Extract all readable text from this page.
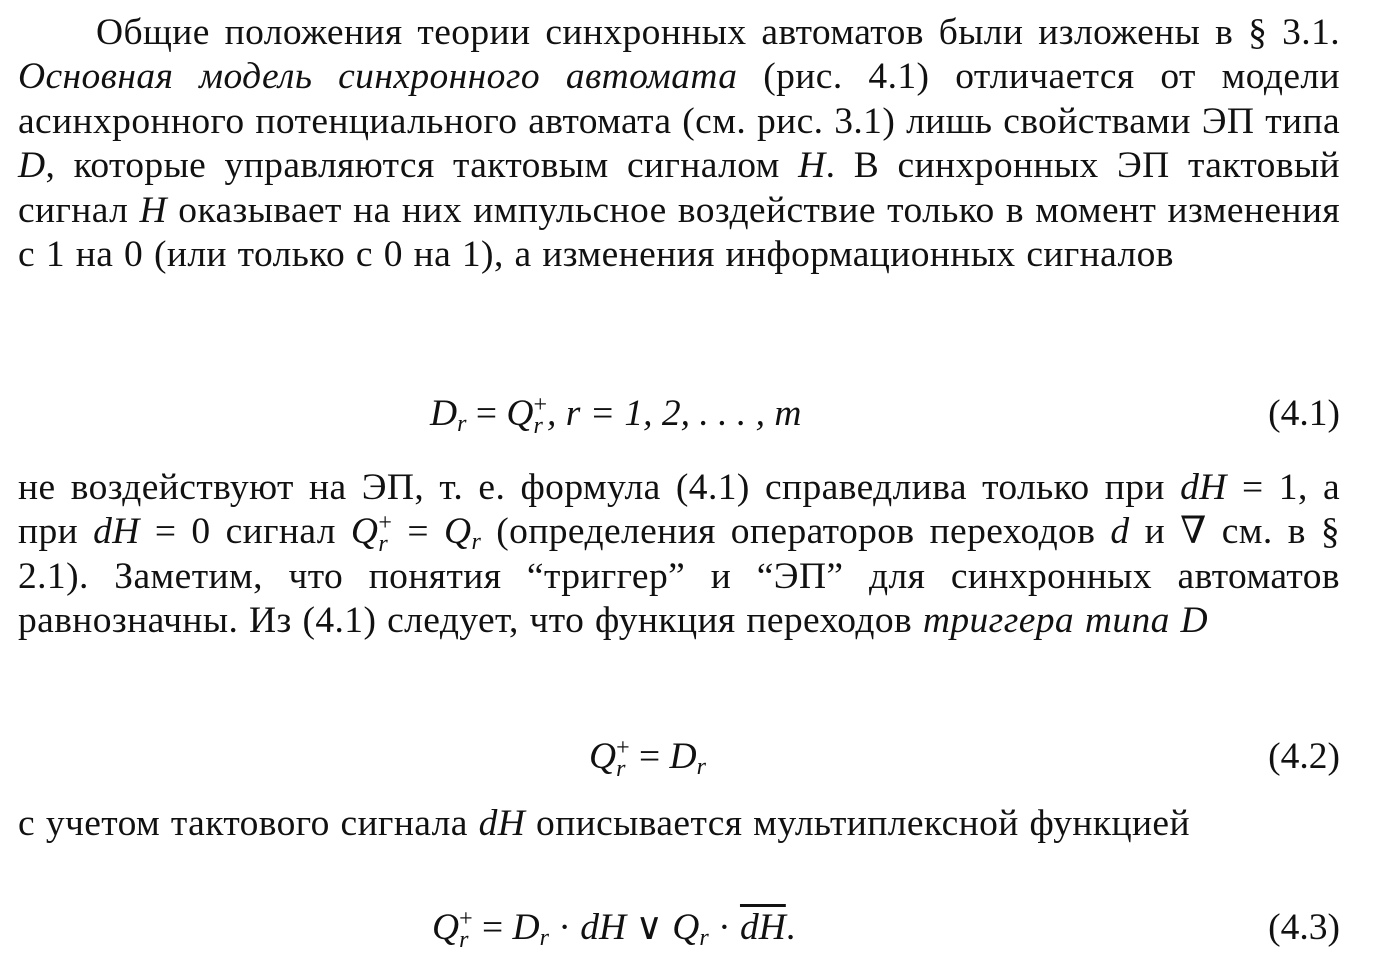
Общие положения теории синхронных автоматов были изложены в § 3.1. Основная модель синхронного автомата (рис. 4.1) отличается от модели асинхронного потенциального автомата (см. рис. 3.1) лишь свойствами ЭП типа D, которые управляются тактовым сигналом H. В синхронных ЭП тактовый сигнал H оказывает на них импульсное воздействие только в момент изменения с 1 на 0 (или только с 0 на 1), а изменения информационных сигналов

$D_r = Q$ +
r , r = 1, 2, . . . , m	(4.1)

не воздействуют на ЭП, т. е. формула (4.1) справедлива только при dH = 1, а при dH = 0 сигнал Q +
$r = Q_r$ (определения операторов переходов d и ∇ см. в § 2.1). Заметим, что понятия “триггер” и “ЭП” для синхронных автоматов равнозначны. Из (4.1) следует, что функция переходов триггера типа D

Q +
$r = D_r$	(4.2)

с учетом тактового сигнала dH описывается мультиплексной функцией

Q +
$r = D_r$ · dH ∨ $Q_r \cdot \overline{dH}$.	(4.3)
